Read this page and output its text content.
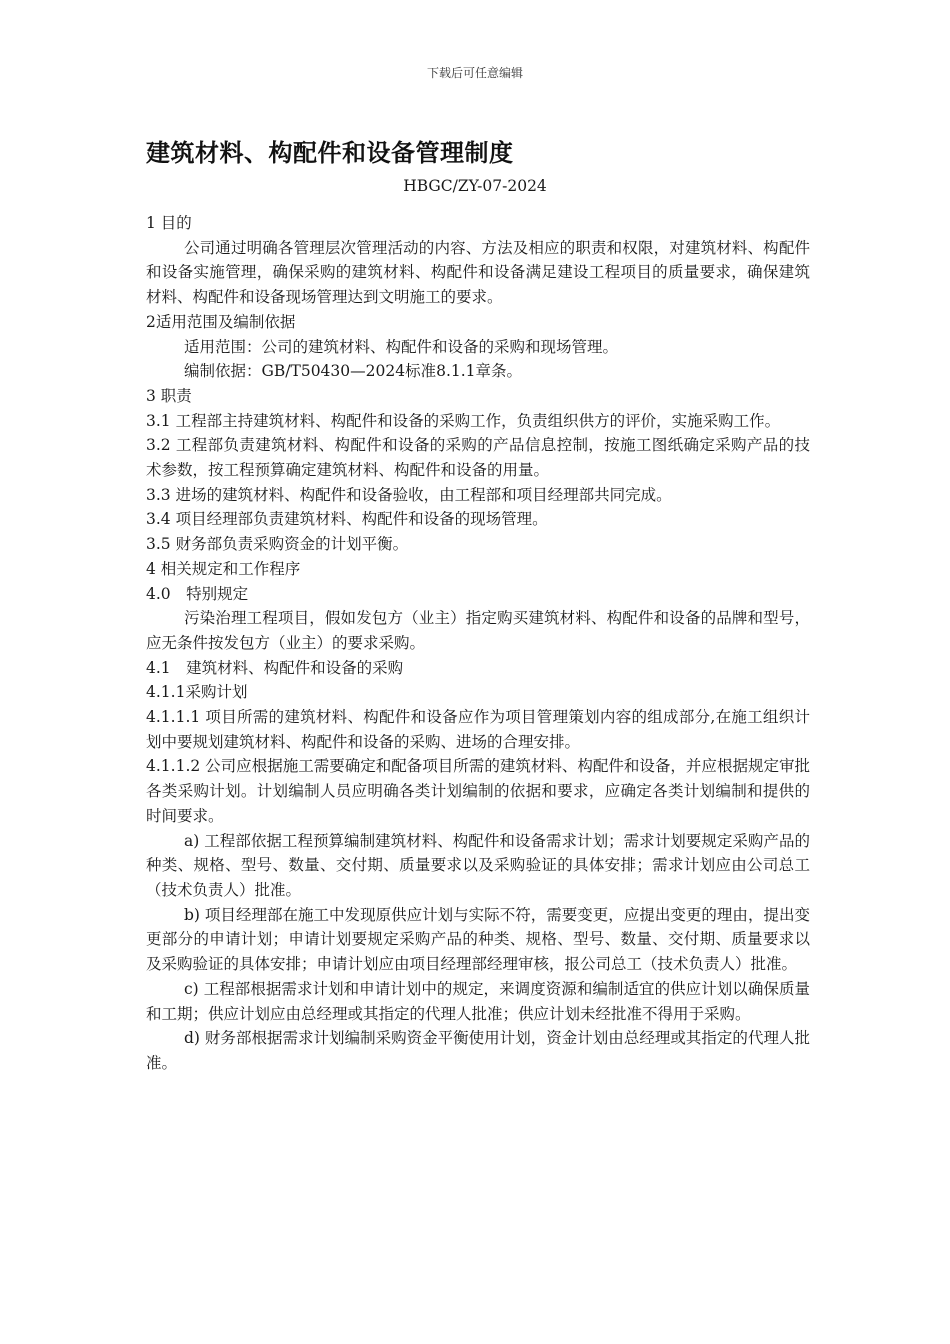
下载后可任意编辑
建筑材料、构配件和设备管理制度
HBGC/ZY-07-2024

1 目的

公司通过明确各管理层次管理活动的内容、方法及相应的职责和权限，对建筑材料、构配件和设备实施管理，确保采购的建筑材料、构配件和设备满足建设工程项目的质量要求，确保建筑材料、构配件和设备现场管理达到文明施工的要求。

2适用范围及编制依据

适用范围：公司的建筑材料、构配件和设备的采购和现场管理。

编制依据：GB/T50430—2024标准8.1.1章条。

3 职责

3.1 工程部主持建筑材料、构配件和设备的采购工作，负责组织供方的评价，实施采购工作。

3.2 工程部负责建筑材料、构配件和设备的采购的产品信息控制，按施工图纸确定采购产品的技术参数，按工程预算确定建筑材料、构配件和设备的用量。

3.3 进场的建筑材料、构配件和设备验收，由工程部和项目经理部共同完成。

3.4 项目经理部负责建筑材料、构配件和设备的现场管理。

3.5 财务部负责采购资金的计划平衡。

4 相关规定和工作程序

4.0　特别规定

污染治理工程项目，假如发包方（业主）指定购买建筑材料、构配件和设备的品牌和型号，应无条件按发包方（业主）的要求采购。

4.1　建筑材料、构配件和设备的采购

4.1.1采购计划

4.1.1.1 项目所需的建筑材料、构配件和设备应作为项目管理策划内容的组成部分,在施工组织计划中要规划建筑材料、构配件和设备的采购、进场的合理安排。

4.1.1.2 公司应根据施工需要确定和配备项目所需的建筑材料、构配件和设备，并应根据规定审批各类采购计划。计划编制人员应明确各类计划编制的依据和要求，应确定各类计划编制和提供的时间要求。

a) 工程部依据工程预算编制建筑材料、构配件和设备需求计划；需求计划要规定采购产品的种类、规格、型号、数量、交付期、质量要求以及采购验证的具体安排；需求计划应由公司总工（技术负责人）批准。

b) 项目经理部在施工中发现原供应计划与实际不符，需要变更，应提出变更的理由，提出变更部分的申请计划；申请计划要规定采购产品的种类、规格、型号、数量、交付期、质量要求以及采购验证的具体安排；申请计划应由项目经理部经理审核，报公司总工（技术负责人）批准。

c) 工程部根据需求计划和申请计划中的规定，来调度资源和编制适宜的供应计划以确保质量和工期；供应计划应由总经理或其指定的代理人批准；供应计划未经批准不得用于采购。

d) 财务部根据需求计划编制采购资金平衡使用计划，资金计划由总经理或其指定的代理人批准。
